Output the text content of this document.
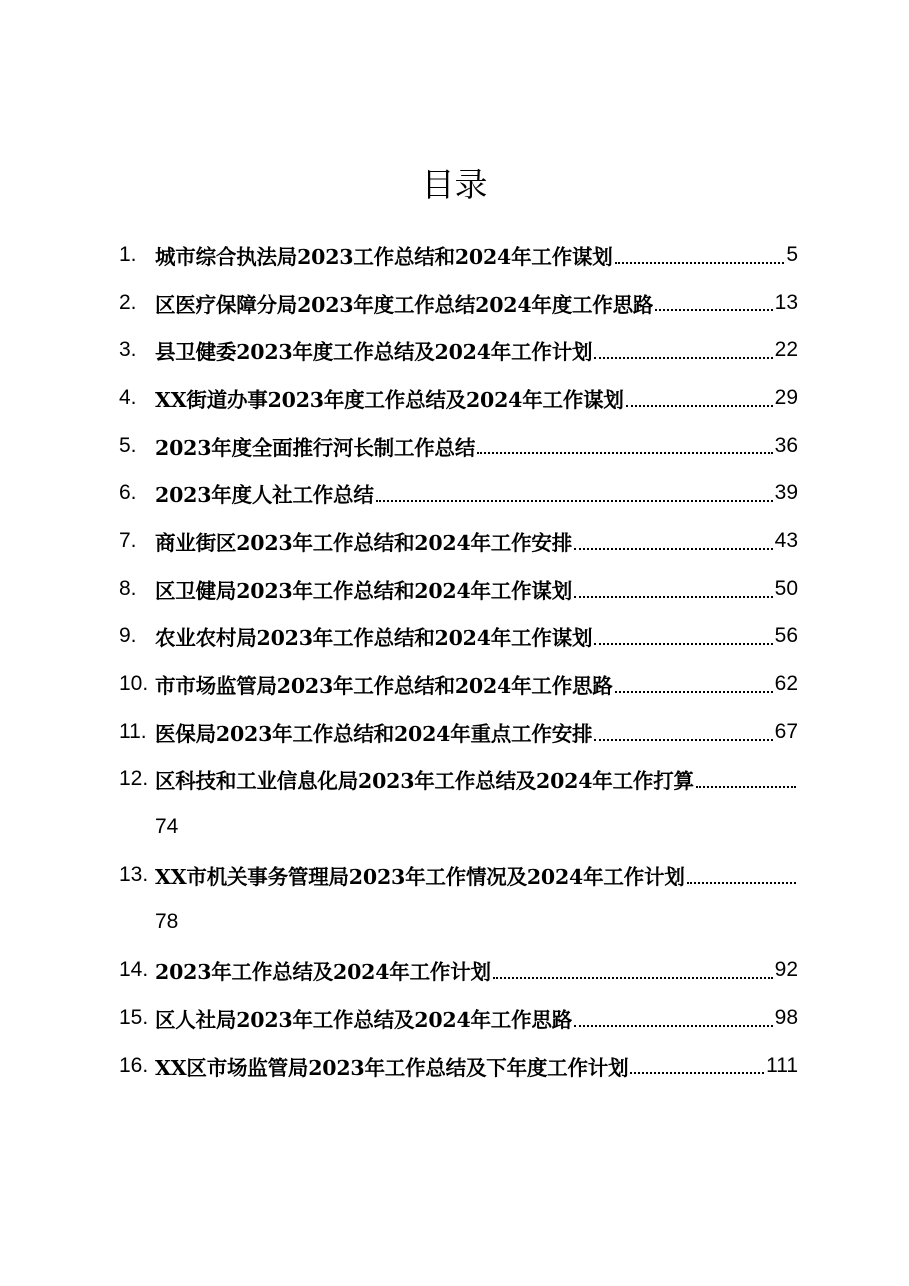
目录
1. 城市综合执法局2023工作总结和2024年工作谋划	5
2. 区医疗保障分局2023年度工作总结2024年度工作思路	13
3. 县卫健委2023年度工作总结及2024年工作计划	22
4. XX街道办事2023年度工作总结及2024年工作谋划	29
5. 2023年度全面推行河长制工作总结	36
6. 2023年度人社工作总结	39
7. 商业街区2023年工作总结和2024年工作安排	43
8. 区卫健局2023年工作总结和2024年工作谋划	50
9. 农业农村局2023年工作总结和2024年工作谋划	56
10. 市市场监管局2023年工作总结和2024年工作思路	62
11. 医保局2023年工作总结和2024年重点工作安排	67
12. 区科技和工业信息化局2023年工作总结及2024年工作打算
74
13. XX市机关事务管理局2023年工作情况及2024年工作计划
78
14. 2023年工作总结及2024年工作计划	92
15. 区人社局2023年工作总结及2024年工作思路	98
16. XX区市场监管局2023年工作总结及下年度工作计划	111
